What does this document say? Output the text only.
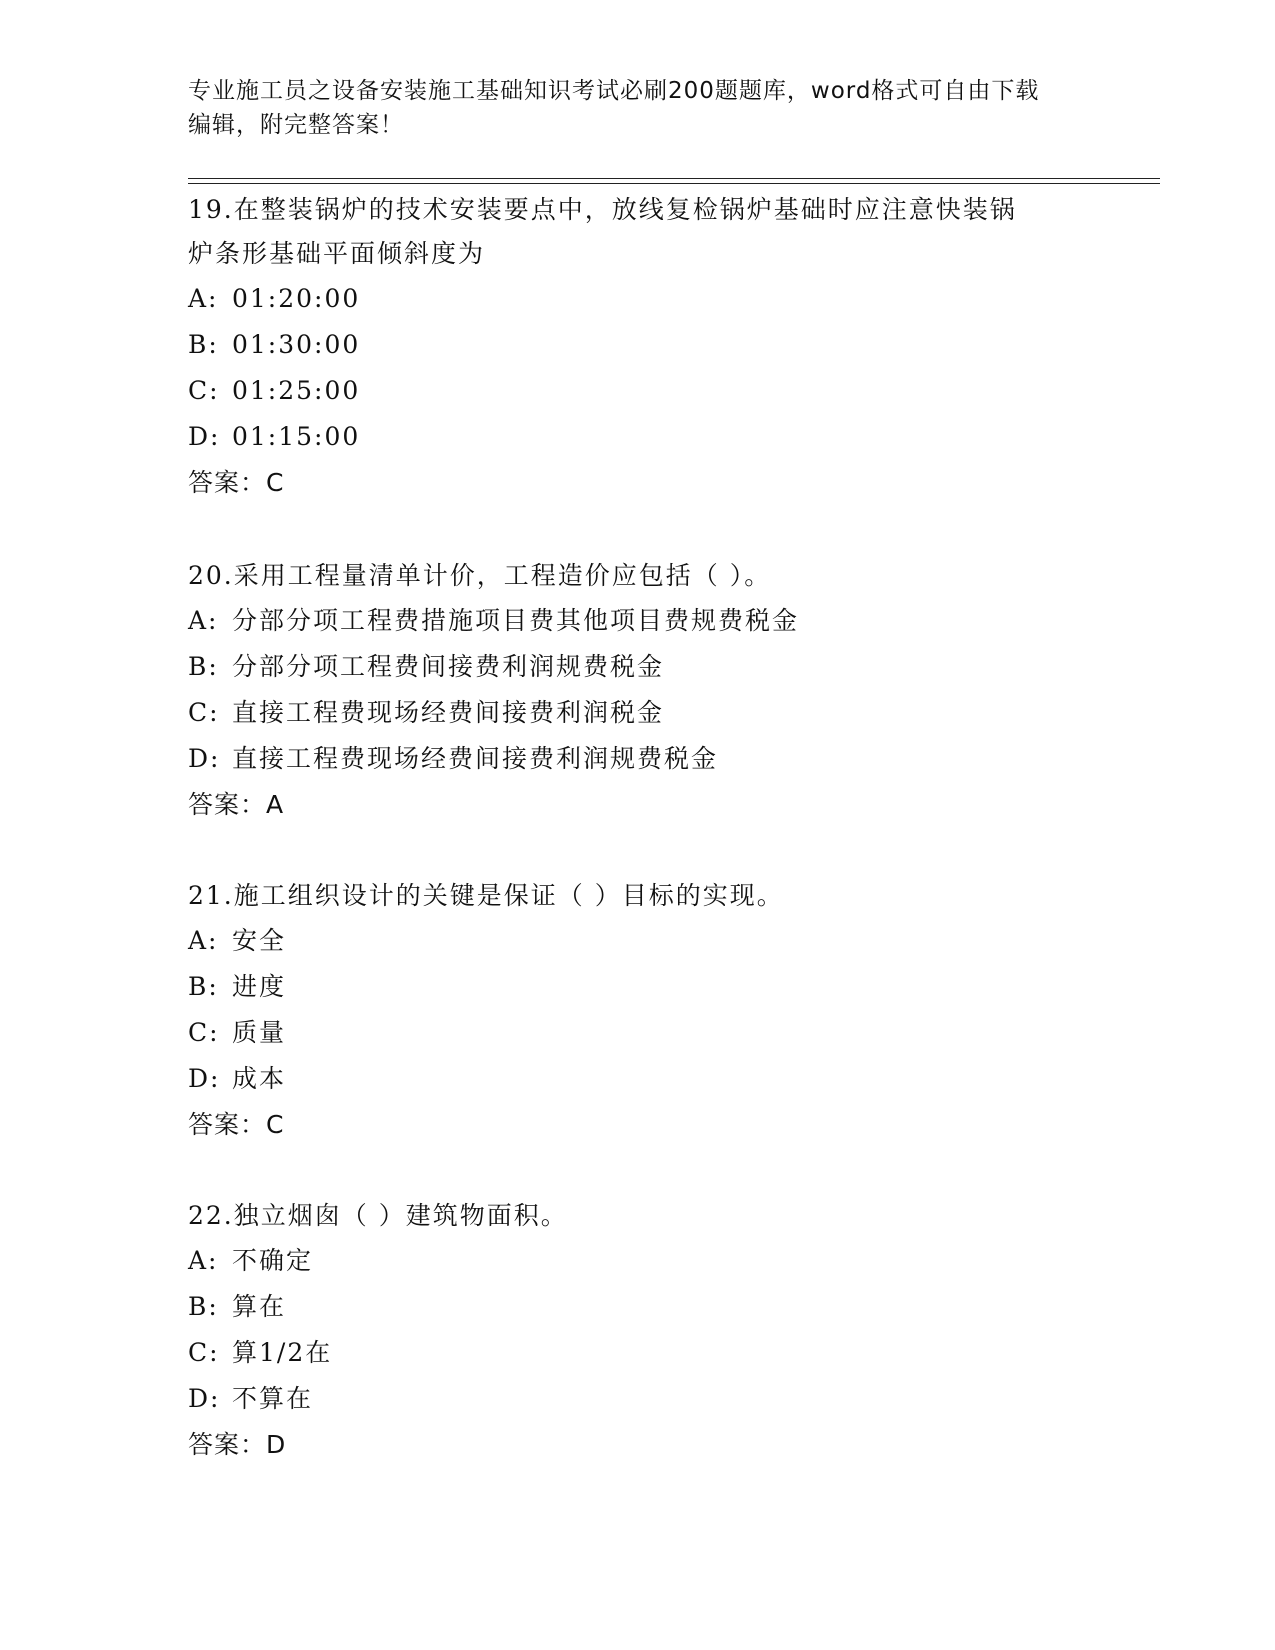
专业施工员之设备安装施工基础知识考试必刷200题题库，word格式可自由下载
编辑，附完整答案！
19.在整装锅炉的技术安装要点中，放线复检锅炉基础时应注意快装锅
炉条形基础平面倾斜度为
A: 01:20:00
B: 01:30:00
C: 01:25:00
D: 01:15:00
答案：C
20.采用工程量清单计价，工程造价应包括（ ）。
A: 分部分项工程费措施项目费其他项目费规费税金
B: 分部分项工程费间接费利润规费税金
C: 直接工程费现场经费间接费利润税金
D: 直接工程费现场经费间接费利润规费税金
答案：A
21.施工组织设计的关键是保证（ ）目标的实现。
A: 安全
B: 进度
C: 质量
D: 成本
答案：C
22.独立烟囱（ ）建筑物面积。
A: 不确定
B: 算在
C: 算1/2在
D: 不算在
答案：D
